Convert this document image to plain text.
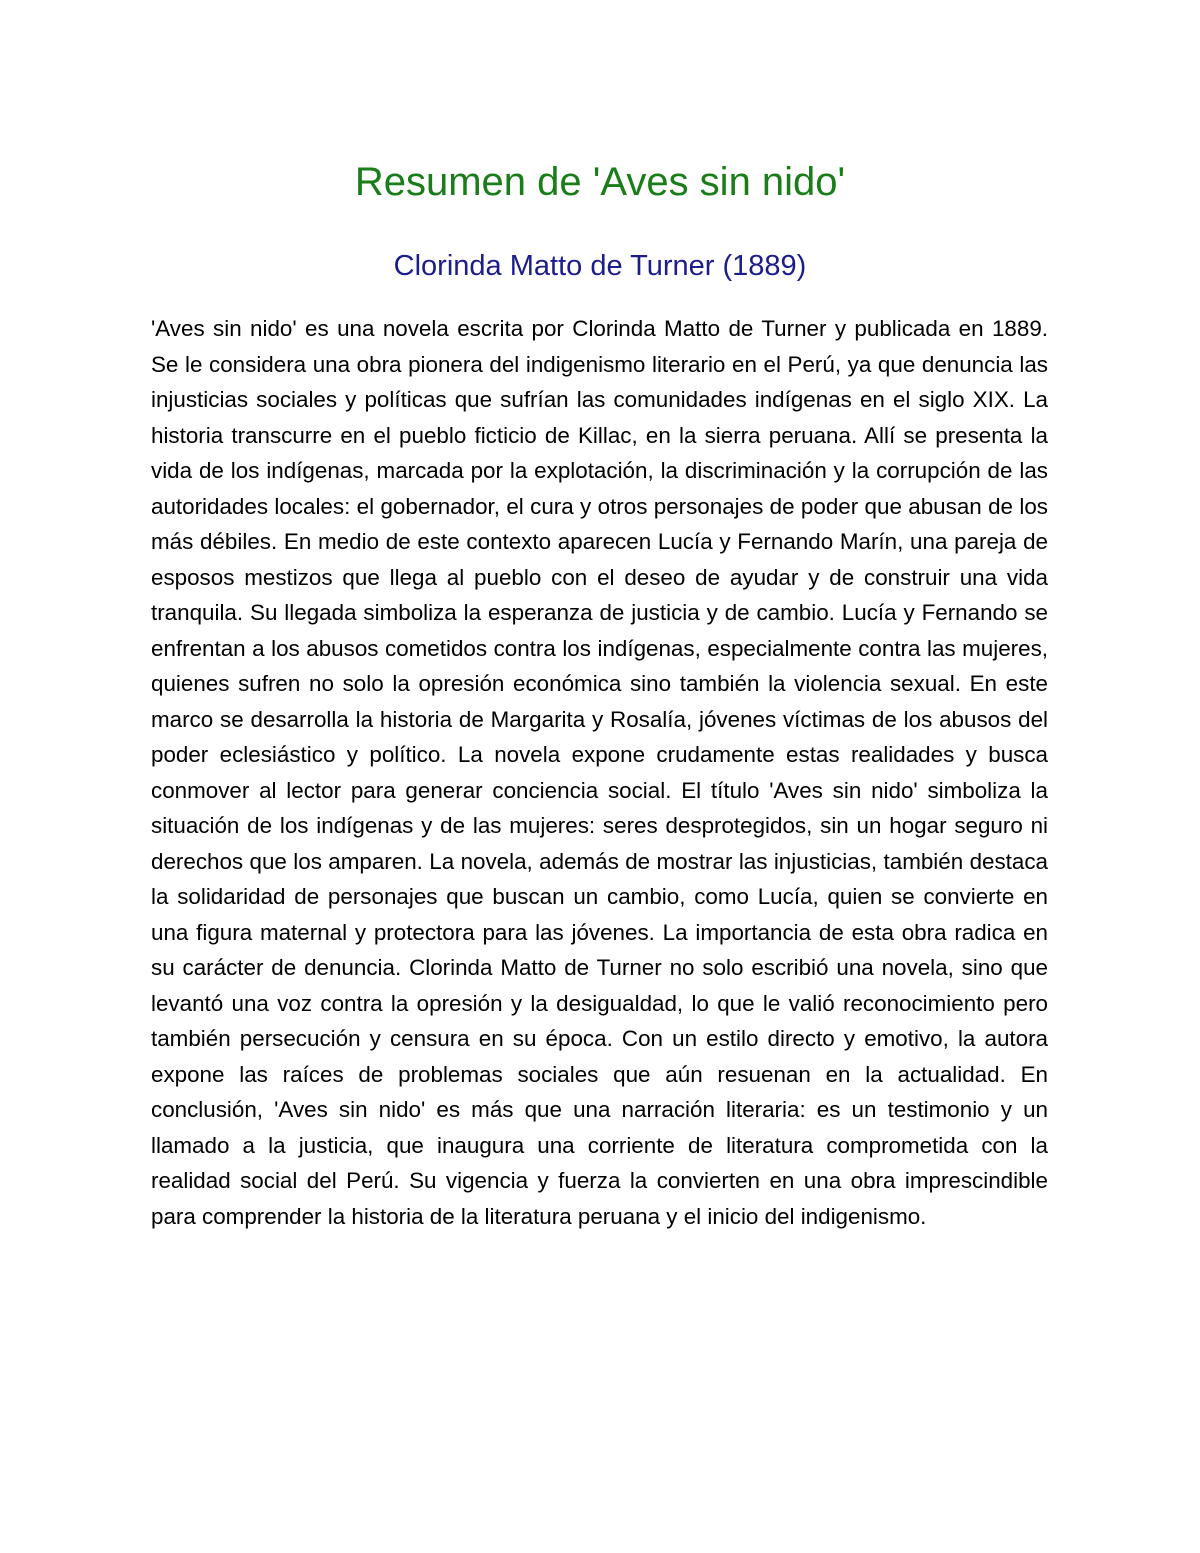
Resumen de 'Aves sin nido'
Clorinda Matto de Turner (1889)

'Aves sin nido' es una novela escrita por Clorinda Matto de Turner y publicada en 1889. Se le considera una obra pionera del indigenismo literario en el Perú, ya que denuncia las injusticias sociales y políticas que sufrían las comunidades indígenas en el siglo XIX. La historia transcurre en el pueblo ficticio de Killac, en la sierra peruana. Allí se presenta la vida de los indígenas, marcada por la explotación, la discriminación y la corrupción de las autoridades locales: el gobernador, el cura y otros personajes de poder que abusan de los más débiles. En medio de este contexto aparecen Lucía y Fernando Marín, una pareja de esposos mestizos que llega al pueblo con el deseo de ayudar y de construir una vida tranquila. Su llegada simboliza la esperanza de justicia y de cambio. Lucía y Fernando se enfrentan a los abusos cometidos contra los indígenas, especialmente contra las mujeres, quienes sufren no solo la opresión económica sino también la violencia sexual. En este marco se desarrolla la historia de Margarita y Rosalía, jóvenes víctimas de los abusos del poder eclesiástico y político. La novela expone crudamente estas realidades y busca conmover al lector para generar conciencia social. El título 'Aves sin nido' simboliza la situación de los indígenas y de las mujeres: seres desprotegidos, sin un hogar seguro ni derechos que los amparen. La novela, además de mostrar las injusticias, también destaca la solidaridad de personajes que buscan un cambio, como Lucía, quien se convierte en una figura maternal y protectora para las jóvenes. La importancia de esta obra radica en su carácter de denuncia. Clorinda Matto de Turner no solo escribió una novela, sino que levantó una voz contra la opresión y la desigualdad, lo que le valió reconocimiento pero también persecución y censura en su época. Con un estilo directo y emotivo, la autora expone las raíces de problemas sociales que aún resuenan en la actualidad. En conclusión, 'Aves sin nido' es más que una narración literaria: es un testimonio y un llamado a la justicia, que inaugura una corriente de literatura comprometida con la realidad social del Perú. Su vigencia y fuerza la convierten en una obra imprescindible para comprender la historia de la literatura peruana y el inicio del indigenismo.
